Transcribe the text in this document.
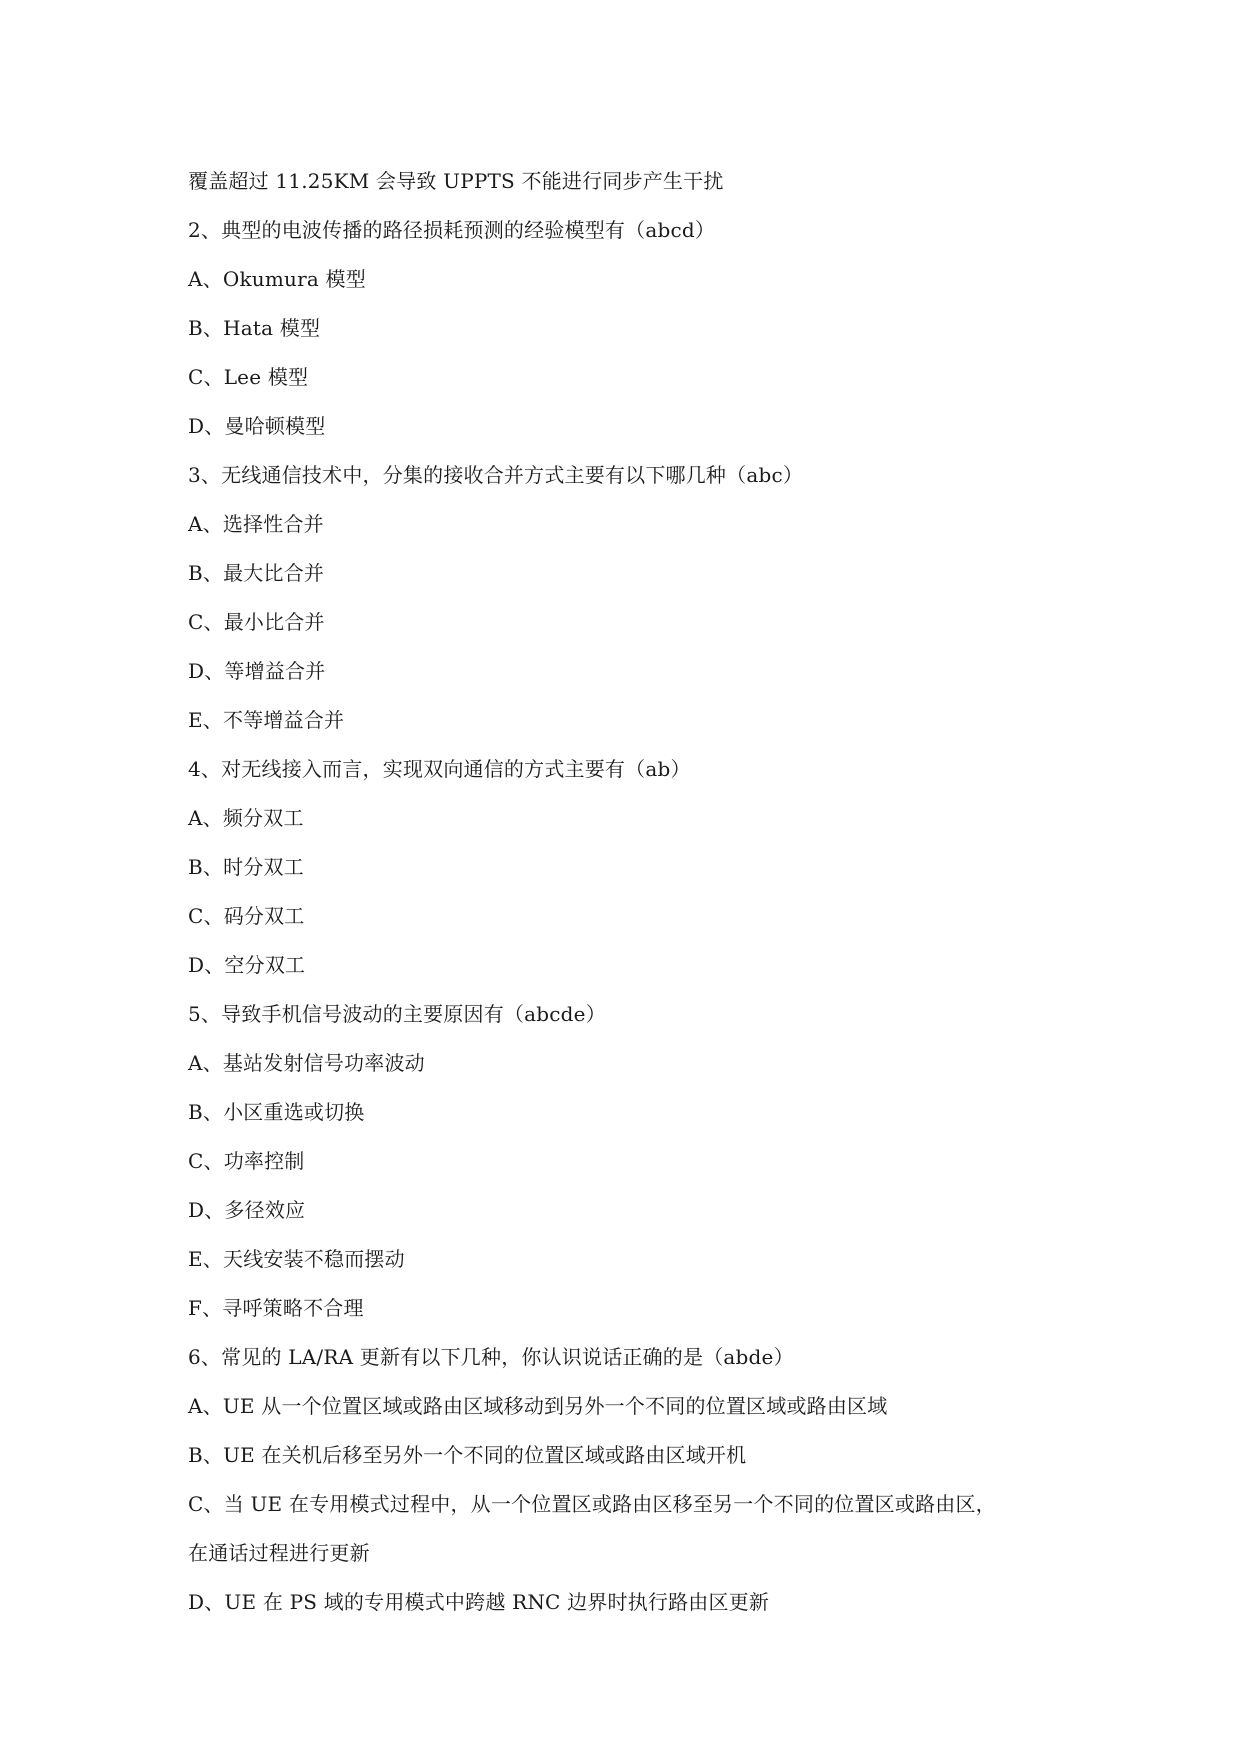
覆盖超过 11.25KM 会导致 UPPTS 不能进行同步产生干扰
2、典型的电波传播的路径损耗预测的经验模型有（abcd）
A、Okumura 模型
B、Hata 模型
C、Lee 模型
D、曼哈顿模型
3、无线通信技术中，分集的接收合并方式主要有以下哪几种（abc）
A、选择性合并
B、最大比合并
C、最小比合并
D、等增益合并
E、不等增益合并
4、对无线接入而言，实现双向通信的方式主要有（ab）
A、频分双工
B、时分双工
C、码分双工
D、空分双工
5、导致手机信号波动的主要原因有（abcde）
A、基站发射信号功率波动
B、小区重选或切换
C、功率控制
D、多径效应
E、天线安装不稳而摆动
F、寻呼策略不合理
6、常见的 LA/RA 更新有以下几种，你认识说话正确的是（abde）
A、UE 从一个位置区域或路由区域移动到另外一个不同的位置区域或路由区域
B、UE 在关机后移至另外一个不同的位置区域或路由区域开机
C、当 UE 在专用模式过程中，从一个位置区或路由区移至另一个不同的位置区或路由区，
在通话过程进行更新
D、UE 在 PS 域的专用模式中跨越 RNC 边界时执行路由区更新
